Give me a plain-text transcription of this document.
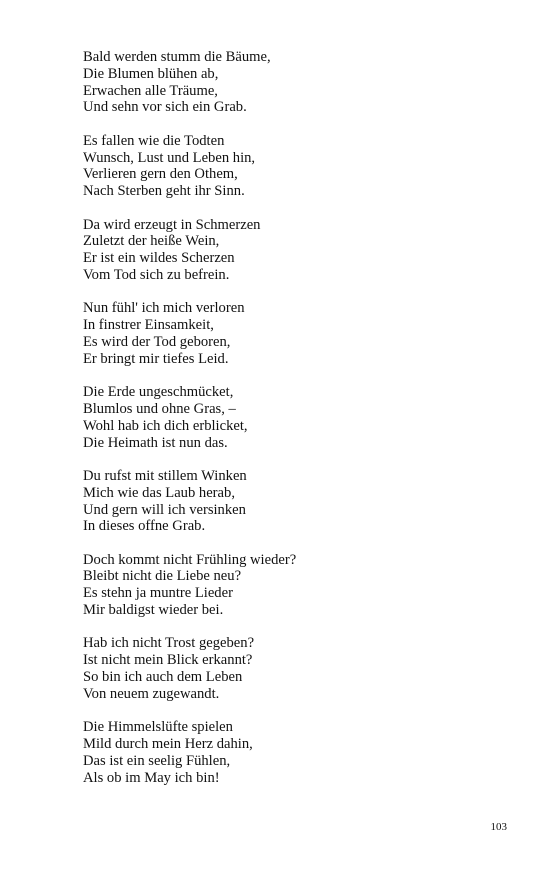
Bald werden stumm die Bäume,
Die Blumen blühen ab,
Erwachen alle Träume,
Und sehn vor sich ein Grab.
Es fallen wie die Todten
Wunsch, Lust und Leben hin,
Verlieren gern den Othem,
Nach Sterben geht ihr Sinn.
Da wird erzeugt in Schmerzen
Zuletzt der heiße Wein,
Er ist ein wildes Scherzen
Vom Tod sich zu befrein.
Nun fühl' ich mich verloren
In finstrer Einsamkeit,
Es wird der Tod geboren,
Er bringt mir tiefes Leid.
Die Erde ungeschmücket,
Blumlos und ohne Gras, –
Wohl hab ich dich erblicket,
Die Heimath ist nun das.
Du rufst mit stillem Winken
Mich wie das Laub herab,
Und gern will ich versinken
In dieses offne Grab.
Doch kommt nicht Frühling wieder?
Bleibt nicht die Liebe neu?
Es stehn ja muntre Lieder
Mir baldigst wieder bei.
Hab ich nicht Trost gegeben?
Ist nicht mein Blick erkannt?
So bin ich auch dem Leben
Von neuem zugewandt.
Die Himmelslüfte spielen
Mild durch mein Herz dahin,
Das ist ein seelig Fühlen,
Als ob im May ich bin!
103
